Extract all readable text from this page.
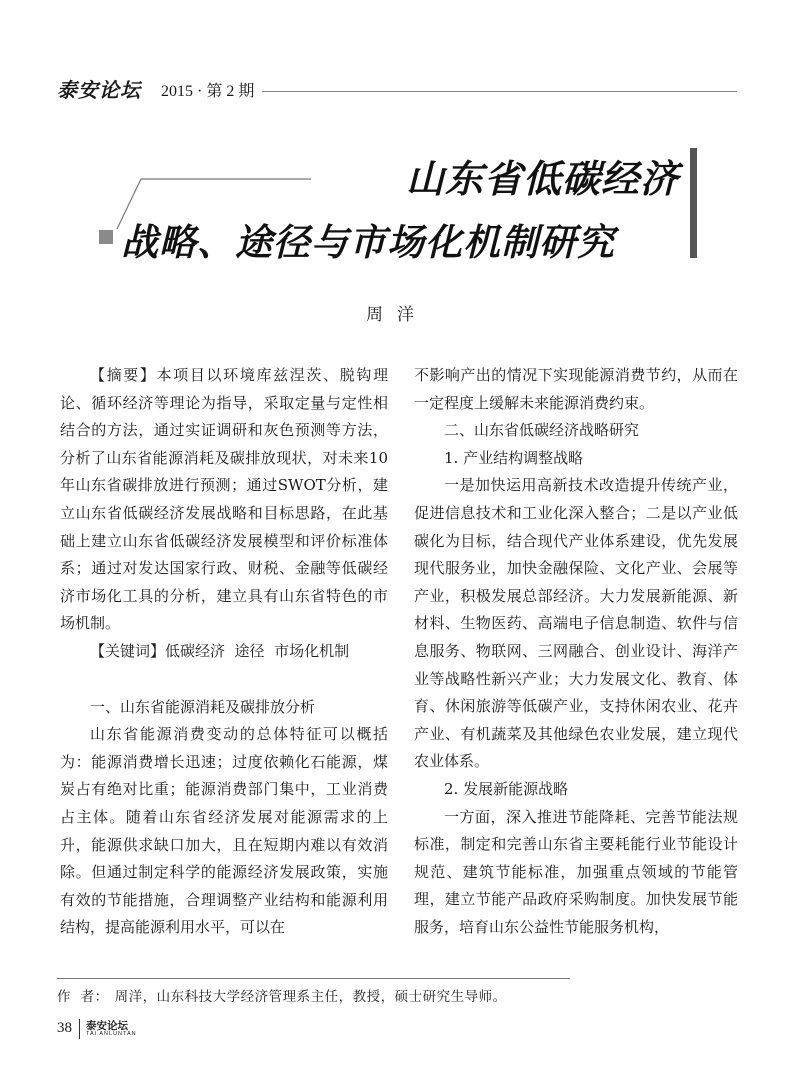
泰安论坛 2015 · 第 2 期
山东省低碳经济
战略、途径与市场化机制研究
周洋

【摘要】本项目以环境库兹涅茨、脱钩理论、循环经济等理论为指导，采取定量与定性相结合的方法，通过实证调研和灰色预测等方法，分析了山东省能源消耗及碳排放现状，对未来10年山东省碳排放进行预测；通过SWOT分析，建立山东省低碳经济发展战略和目标思路，在此基础上建立山东省低碳经济发展模型和评价标准体系；通过对发达国家行政、财税、金融等低碳经济市场化工具的分析，建立具有山东省特色的市场机制。

【关键词】低碳经济  途径  市场化机制

一、山东省能源消耗及碳排放分析

山东省能源消费变动的总体特征可以概括为：能源消费增长迅速；过度依赖化石能源，煤炭占有绝对比重；能源消费部门集中，工业消费占主体。随着山东省经济发展对能源需求的上升，能源供求缺口加大，且在短期内难以有效消除。但通过制定科学的能源经济发展政策，实施有效的节能措施，合理调整产业结构和能源利用结构，提高能源利用水平，可以在

不影响产出的情况下实现能源消费节约，从而在一定程度上缓解未来能源消费约束。

二、山东省低碳经济战略研究

1. 产业结构调整战略

一是加快运用高新技术改造提升传统产业，促进信息技术和工业化深入整合；二是以产业低碳化为目标，结合现代产业体系建设，优先发展现代服务业，加快金融保险、文化产业、会展等产业，积极发展总部经济。大力发展新能源、新材料、生物医药、高端电子信息制造、软件与信息服务、物联网、三网融合、创业设计、海洋产业等战略性新兴产业；大力发展文化、教育、体育、休闲旅游等低碳产业，支持休闲农业、花卉产业、有机蔬菜及其他绿色农业发展，建立现代农业体系。

2. 发展新能源战略

一方面，深入推进节能降耗、完善节能法规标准，制定和完善山东省主要耗能行业节能设计规范、建筑节能标准，加强重点领域的节能管理，建立节能产品政府采购制度。加快发展节能服务，培育山东公益性节能服务机构，

作  者： 周洋，山东科技大学经济管理系主任，教授，硕士研究生导师。
38 泰安论坛
TAI ANLUNTAN
